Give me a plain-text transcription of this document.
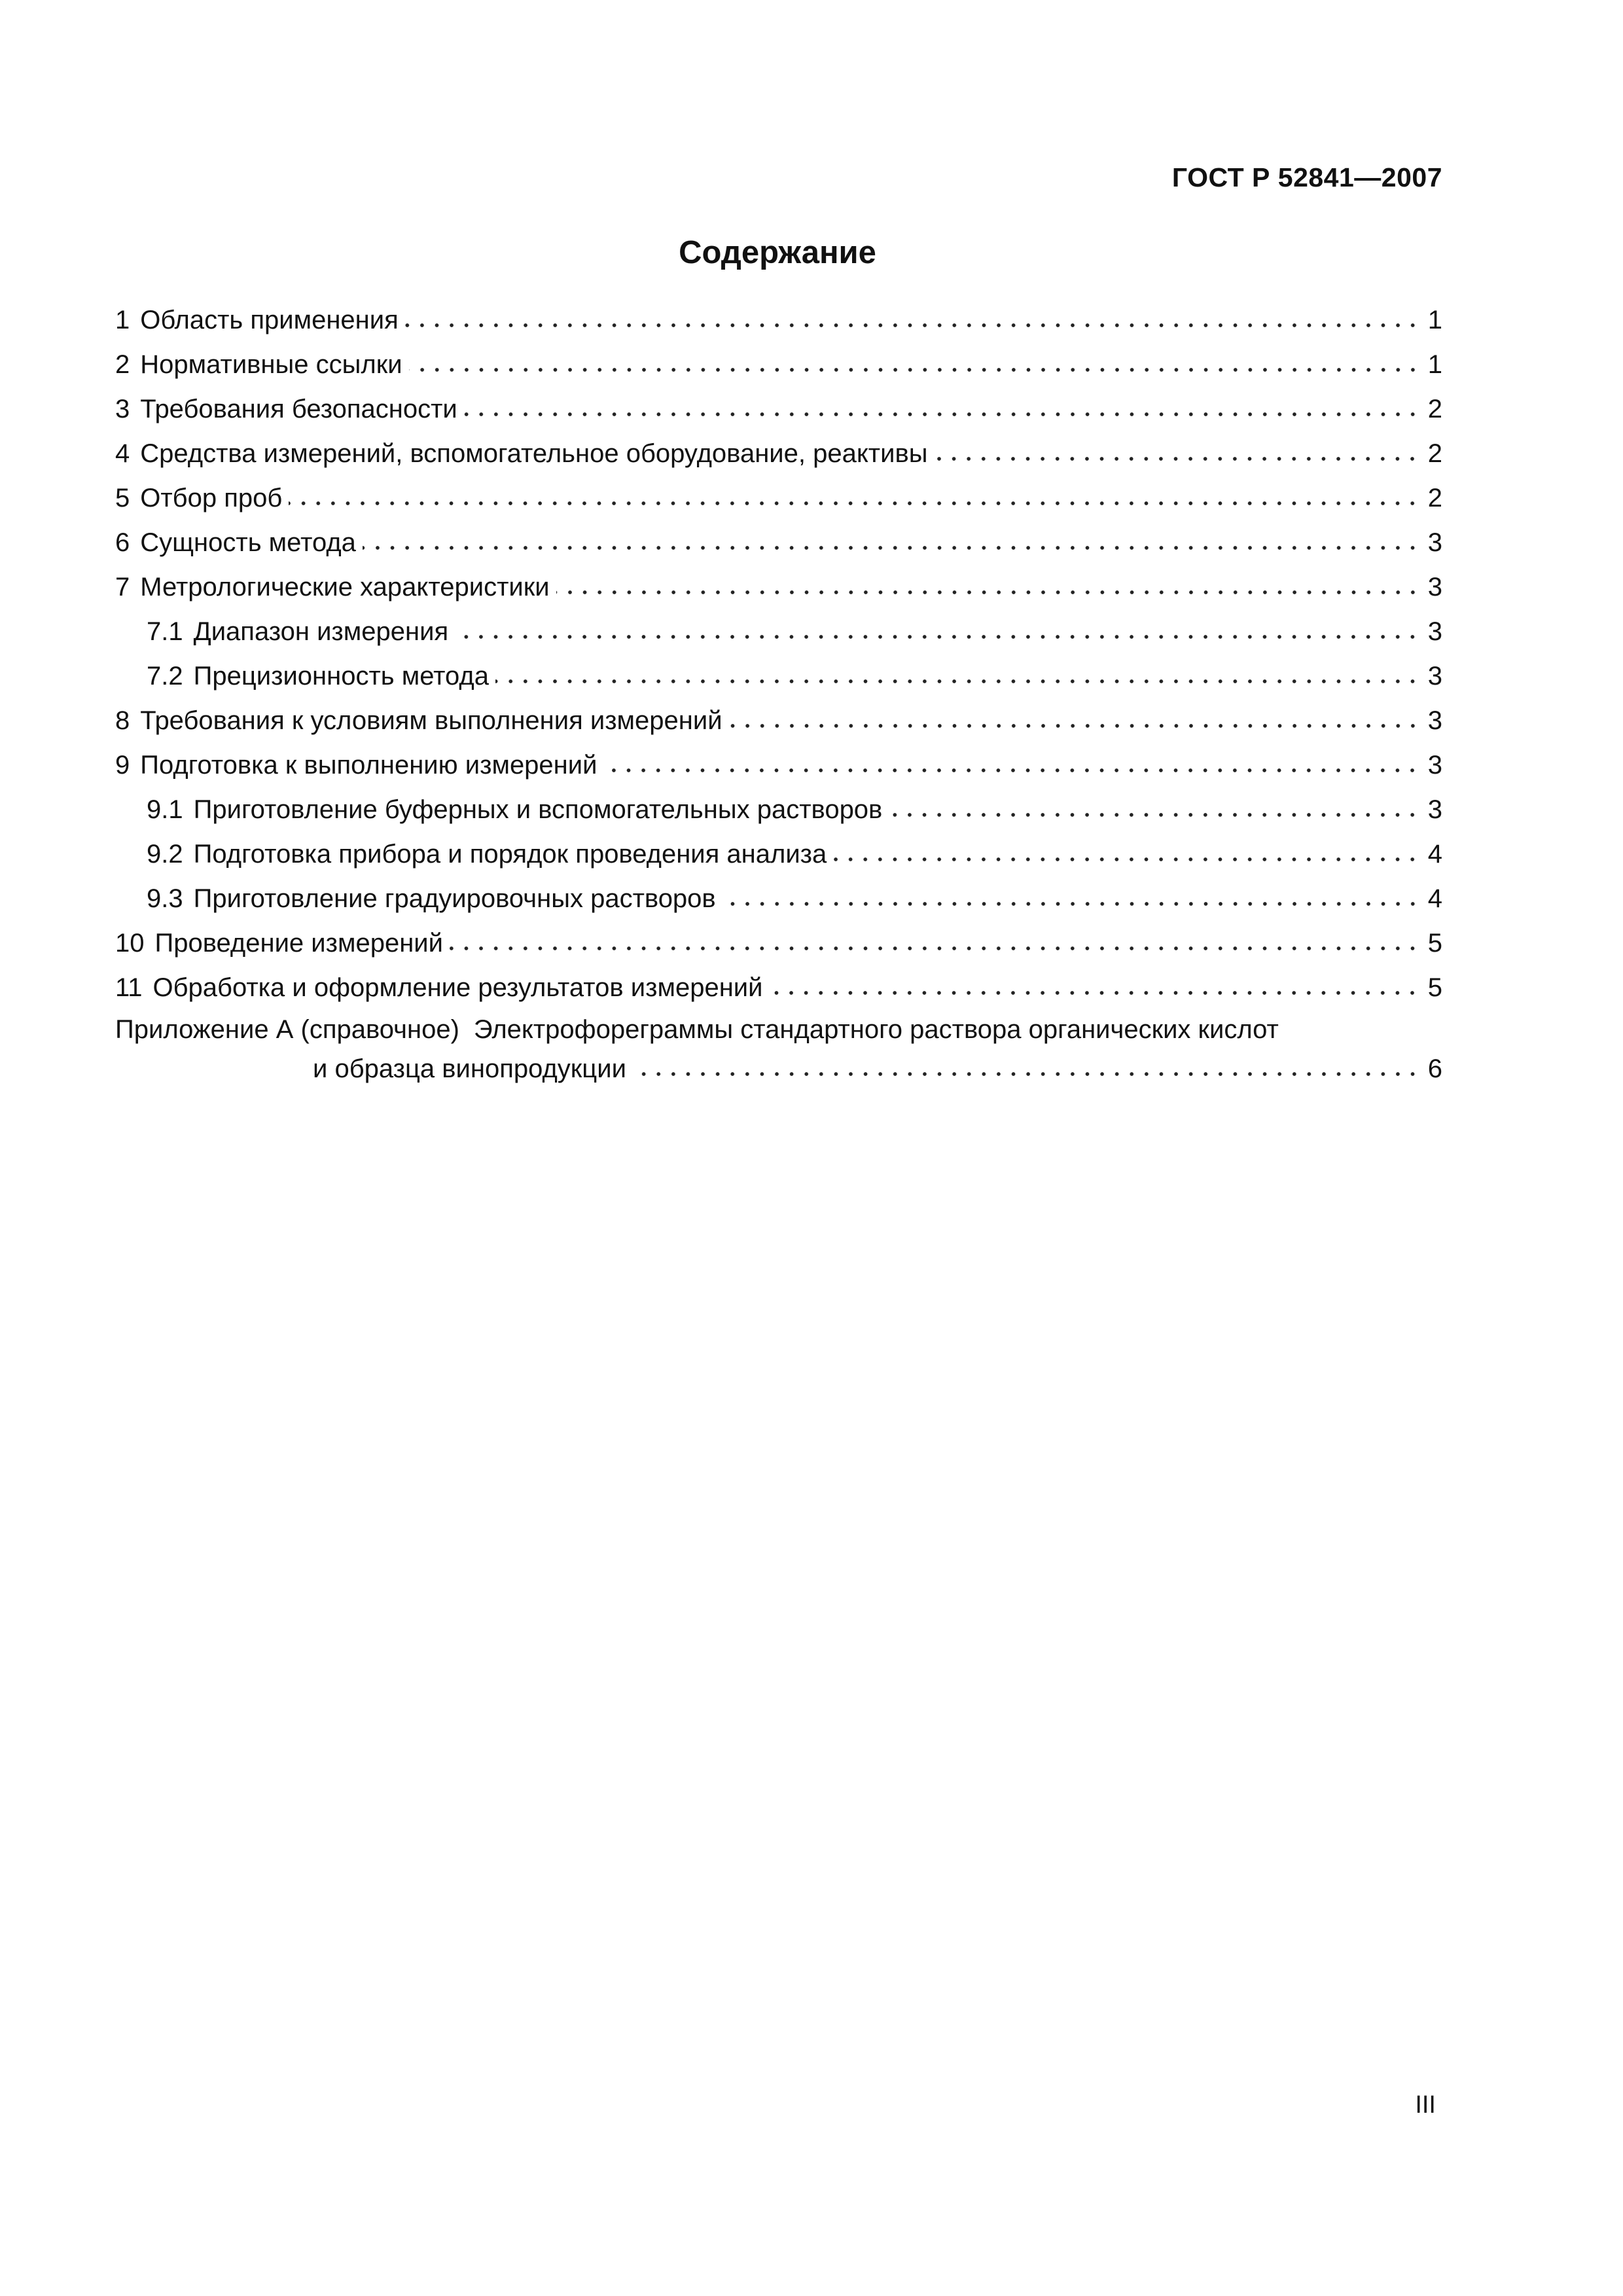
ГОСТ Р 52841—2007
Содержание
1 Область применения	1
2 Нормативные ссылки	1
3 Требования безопасности	2
4 Средства измерений, вспомогательное оборудование, реактивы	2
5 Отбор проб	2
6 Сущность метода	3
7 Метрологические характеристики	3
7.1 Диапазон измерения	3
7.2 Прецизионность метода	3
8 Требования к условиям выполнения измерений	3
9 Подготовка к выполнению измерений	3
9.1 Приготовление буферных и вспомогательных растворов	3
9.2 Подготовка прибора и порядок проведения анализа	4
9.3 Приготовление градуировочных растворов	4
10 Проведение измерений	5
11 Обработка и оформление результатов измерений	5
Приложение А (справочное) Электрофореграммы стандартного раствора органических кислот
и образца винопродукции	6
III
